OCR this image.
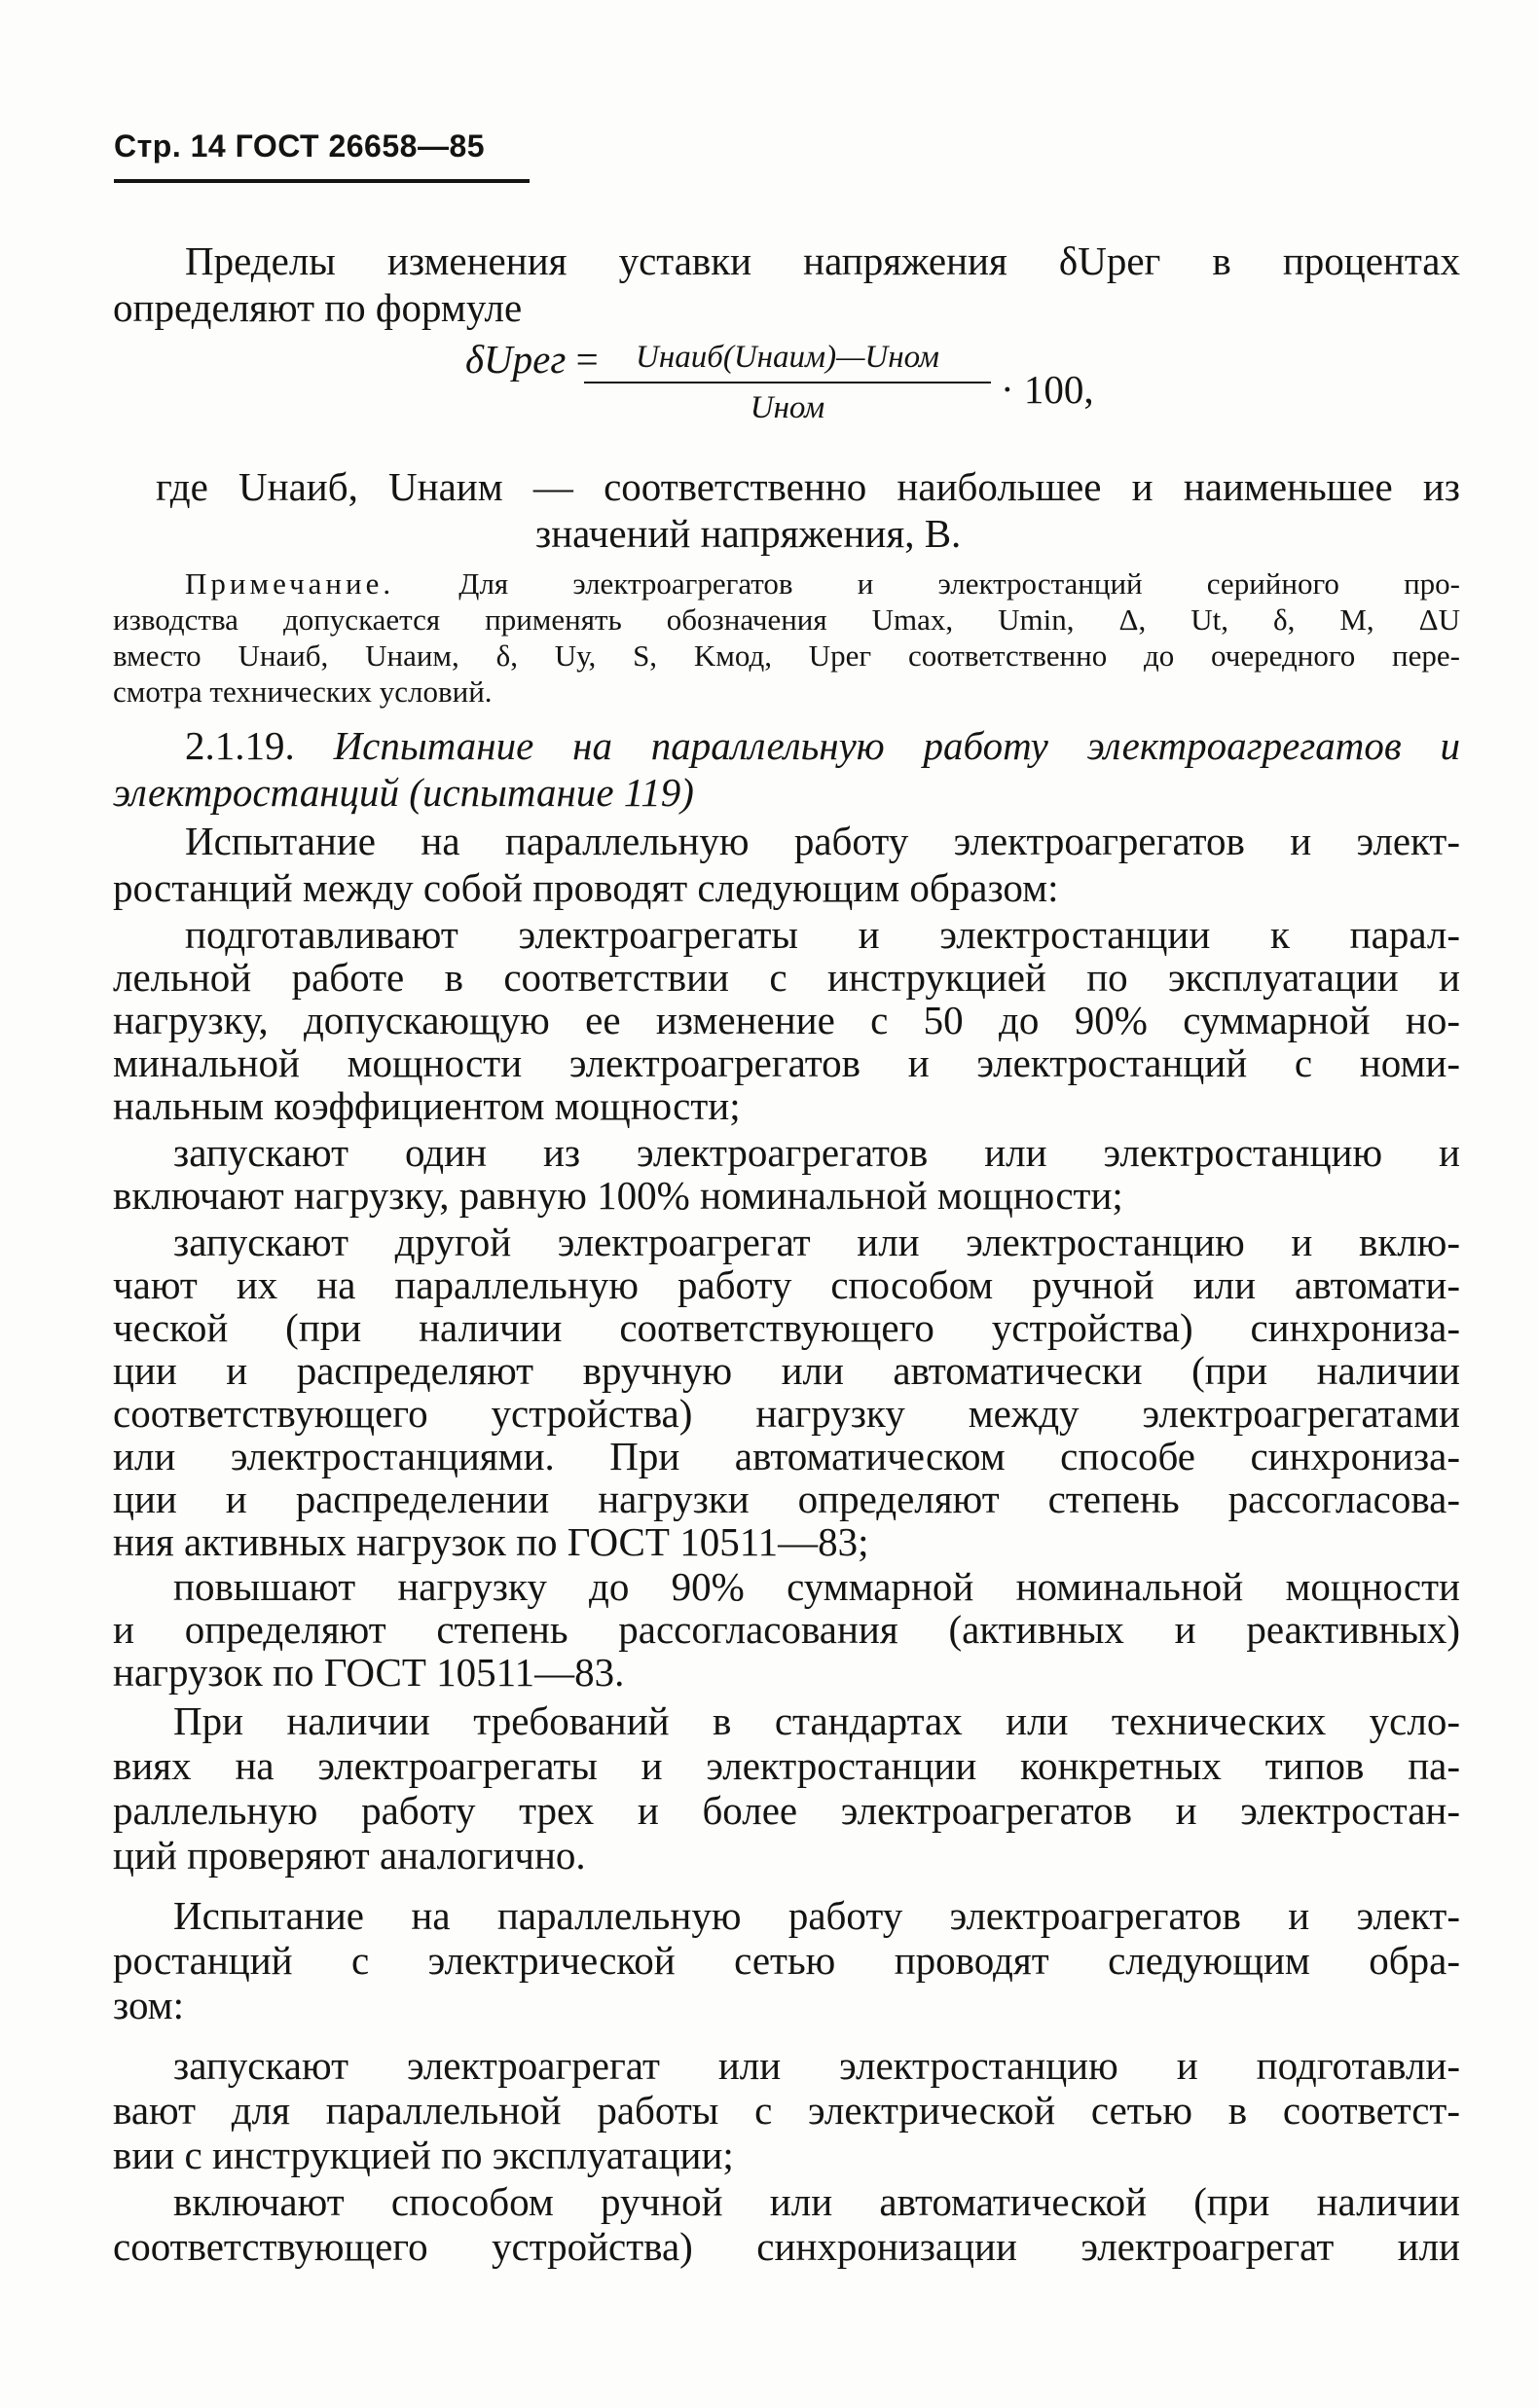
Стр. 14 ГОСТ 26658—85
Пределы изменения уставки напряжения δUрег в процентах
определяют по формуле
δUрег =	Uнаиб(Uнаим)—Uном
Uном	· 100,
где Uнаиб, Uнаим — соответственно наибольшее и наименьшее из
значений напряжения, В.
Примечание. Для электроагрегатов и электростанций серийного про-
изводства допускается применять обозначения Umax, Umin, Δ, Ut, δ, M, ΔU
вместо Uнаиб, Uнаим, δ, Uу, S, Kмод, Uрег соответственно до очередного пере-
смотра технических условий.
2.1.19. Испытание на параллельную работу электроагрегатов и
электростанций (испытание 119)
Испытание на параллельную работу электроагрегатов и элект-
ростанций между собой проводят следующим образом:
подготавливают электроагрегаты и электростанции к парал-
лельной работе в соответствии с инструкцией по эксплуатации и
нагрузку, допускающую ее изменение с 50 до 90% суммарной но-
минальной мощности электроагрегатов и электростанций с номи-
нальным коэффициентом мощности;
запускают один из электроагрегатов или электростанцию и
включают нагрузку, равную 100% номинальной мощности;
запускают другой электроагрегат или электростанцию и вклю-
чают их на параллельную работу способом ручной или автомати-
ческой (при наличии соответствующего устройства) синхрониза-
ции и распределяют вручную или автоматически (при наличии
соответствующего устройства) нагрузку между электроагрегатами
или электростанциями. При автоматическом способе синхрониза-
ции и распределении нагрузки определяют степень рассогласова-
ния активных нагрузок по ГОСТ 10511—83;
повышают нагрузку до 90% суммарной номинальной мощности
и определяют степень рассогласования (активных и реактивных)
нагрузок по ГОСТ 10511—83.
При наличии требований в стандартах или технических усло-
виях на электроагрегаты и электростанции конкретных типов па-
раллельную работу трех и более электроагрегатов и электростан-
ций проверяют аналогично.
Испытание на параллельную работу электроагрегатов и элект-
ростанций с электрической сетью проводят следующим обра-
зом:
запускают электроагрегат или электростанцию и подготавли-
вают для параллельной работы с электрической сетью в соответст-
вии с инструкцией по эксплуатации;
включают способом ручной или автоматической (при наличии
соответствующего устройства) синхронизации электроагрегат или
